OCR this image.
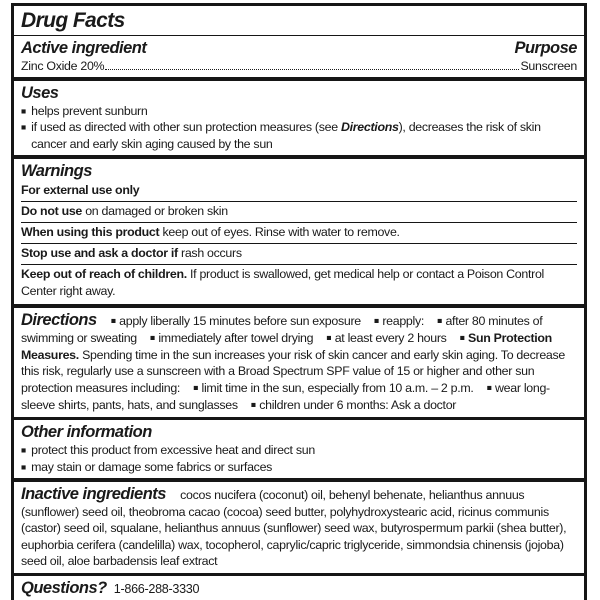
Drug Facts
Active ingredient	Purpose
Zinc Oxide 20%	Sunscreen
Uses
■ helps prevent sunburn
■ if used as directed with other sun protection measures (see Directions), decreases the risk of skin cancer and early skin aging caused by the sun
Warnings
For external use only
Do not use on damaged or broken skin
When using this product keep out of eyes. Rinse with water to remove.
Stop use and ask a doctor if rash occurs
Keep out of reach of children. If product is swallowed, get medical help or contact a Poison Control Center right away.

Directions ■ apply liberally 15 minutes before sun exposure ■ reapply: ■ after 80 minutes of swimming or sweating ■ immediately after towel drying ■ at least every 2 hours ■ Sun Protection Measures. Spending time in the sun increases your risk of skin cancer and early skin aging. To decrease this risk, regularly use a sunscreen with a Broad Spectrum SPF value of 15 or higher and other sun protection measures including: ■ limit time in the sun, especially from 10 a.m. – 2 p.m. ■ wear long-sleeve shirts, pants, hats, and sunglasses ■ children under 6 months: Ask a doctor

Other information
■ protect this product from excessive heat and direct sun
■ may stain or damage some fabrics or surfaces

Inactive ingredients cocos nucifera (coconut) oil, behenyl behenate, helianthus annuus (sunflower) seed oil, theobroma cacao (cocoa) seed butter, polyhydroxystearic acid, ricinus communis (castor) seed oil, squalane, helianthus annuus (sunflower) seed wax, butyrospermum parkii (shea butter), euphorbia cerifera (candelilla) wax, tocopherol, caprylic/capric triglyceride, simmondsia chinensis (jojoba) seed oil, aloe barbadensis leaf extract

Questions? 1-866-288-3330
